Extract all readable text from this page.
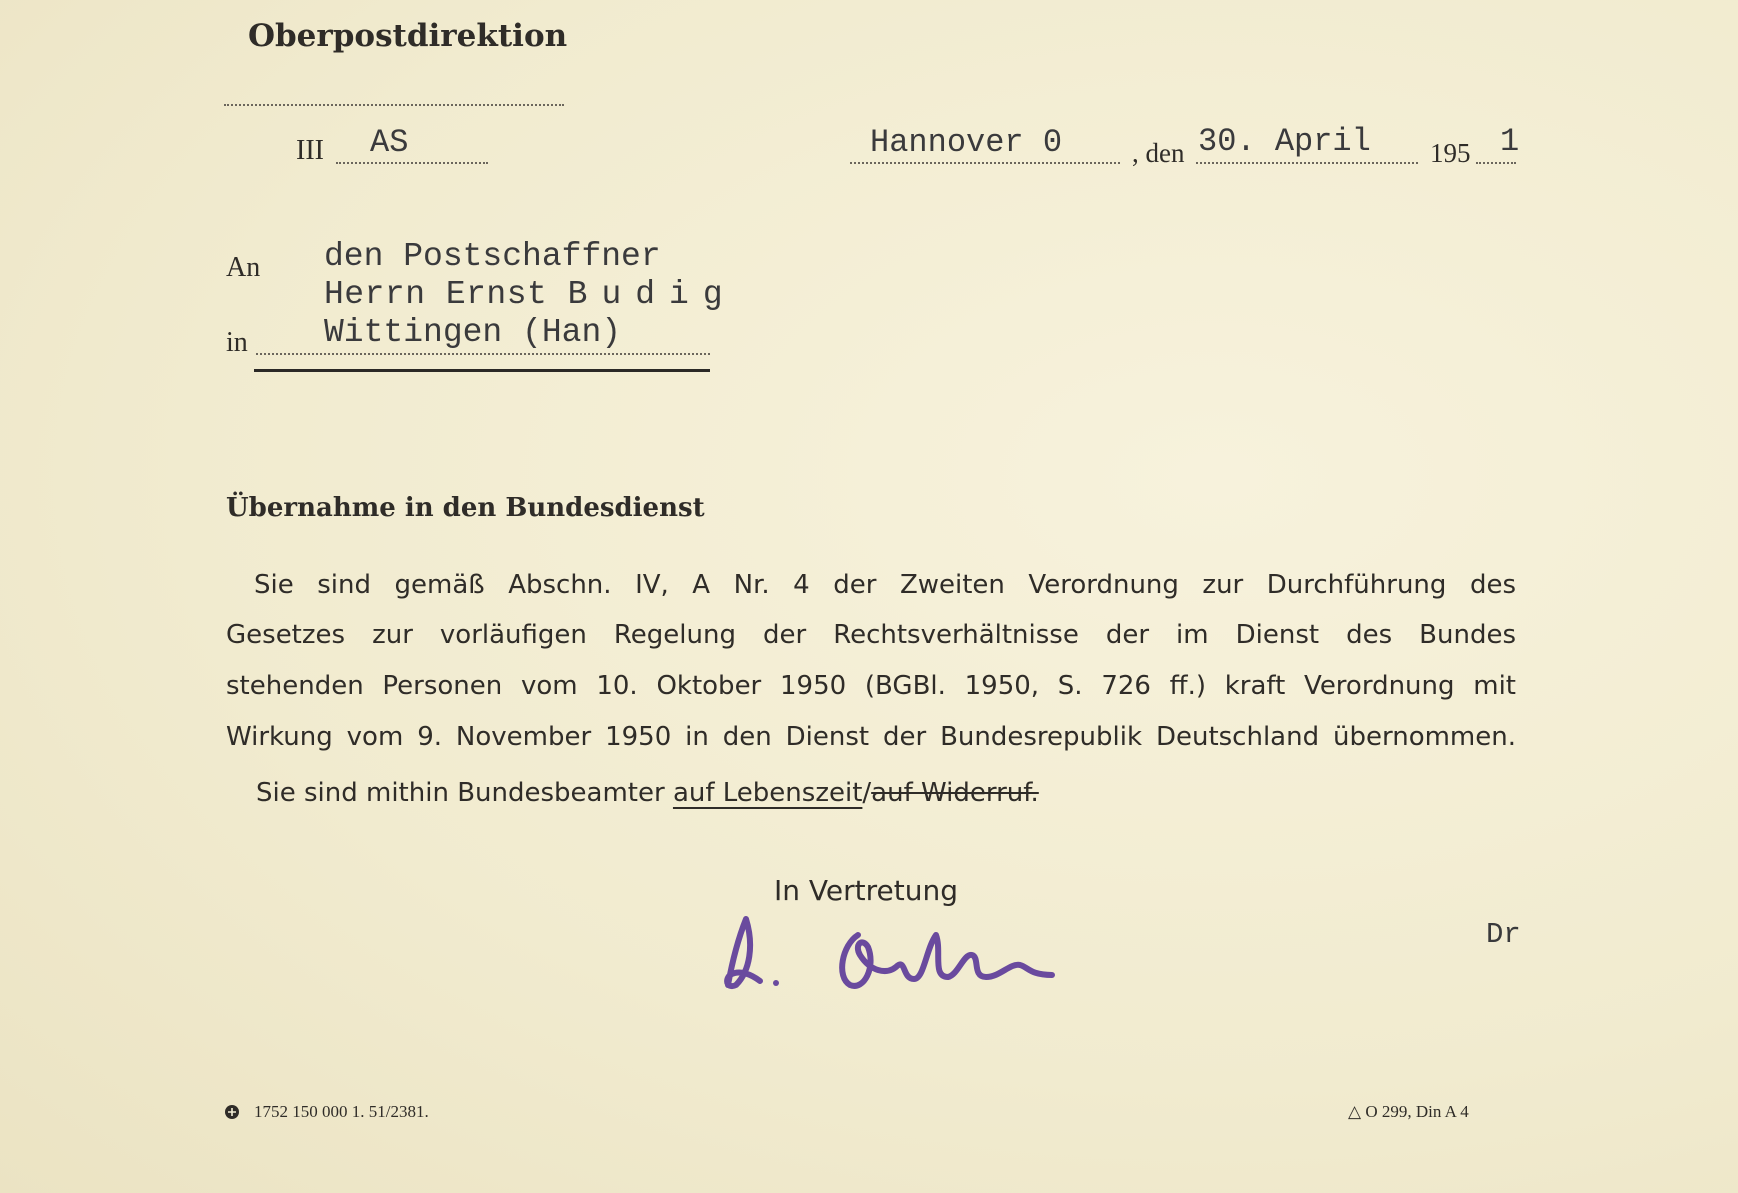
Oberpostdirektion
III AS	Hannover 0	, den 30. April 195 1
An den Postschaffner
Herrn Ernst Budig
in Wittingen (Han)
Übernahme in den Bundesdienst
Sie sind gemäß Abschn. IV, A Nr. 4 der Zweiten Verordnung zur Durchführung des
Gesetzes zur vorläufigen Regelung der Rechtsverhältnisse der im Dienst des Bundes
stehenden Personen vom 10. Oktober 1950 (BGBl. 1950, S. 726 ff.) kraft Verordnung mit
Wirkung vom 9. November 1950 in den Dienst der Bundesrepublik Deutschland übernommen.
Sie sind mithin Bundesbeamter auf Lebenszeit/auf Widerruf.
In Vertretung
Dr
1752 150 000 1. 51/2381.	△ O 299, Din A 4
